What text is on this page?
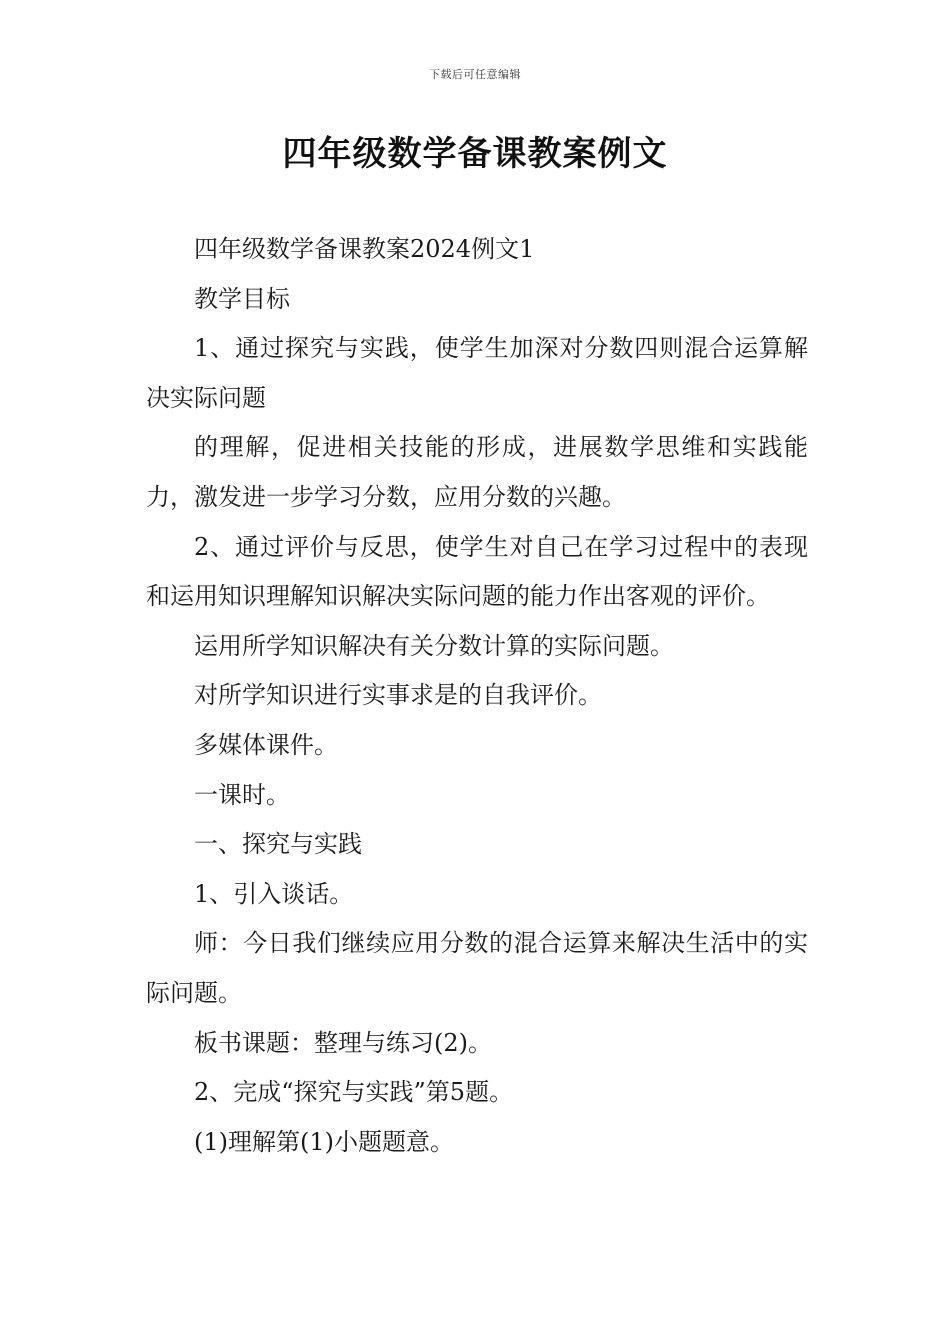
下载后可任意编辑
四年级数学备课教案例文

四年级数学备课教案2024例文1

教学目标

1、通过探究与实践，使学生加深对分数四则混合运算解决实际问题

的理解，促进相关技能的形成，进展数学思维和实践能力，激发进一步学习分数，应用分数的兴趣。

2、通过评价与反思，使学生对自己在学习过程中的表现和运用知识理解知识解决实际问题的能力作出客观的评价。

运用所学知识解决有关分数计算的实际问题。

对所学知识进行实事求是的自我评价。

多媒体课件。

一课时。

一、探究与实践

1、引入谈话。

师：今日我们继续应用分数的混合运算来解决生活中的实际问题。

板书课题：整理与练习(2)。

2、完成“探究与实践”第5题。

(1)理解第(1)小题题意。
